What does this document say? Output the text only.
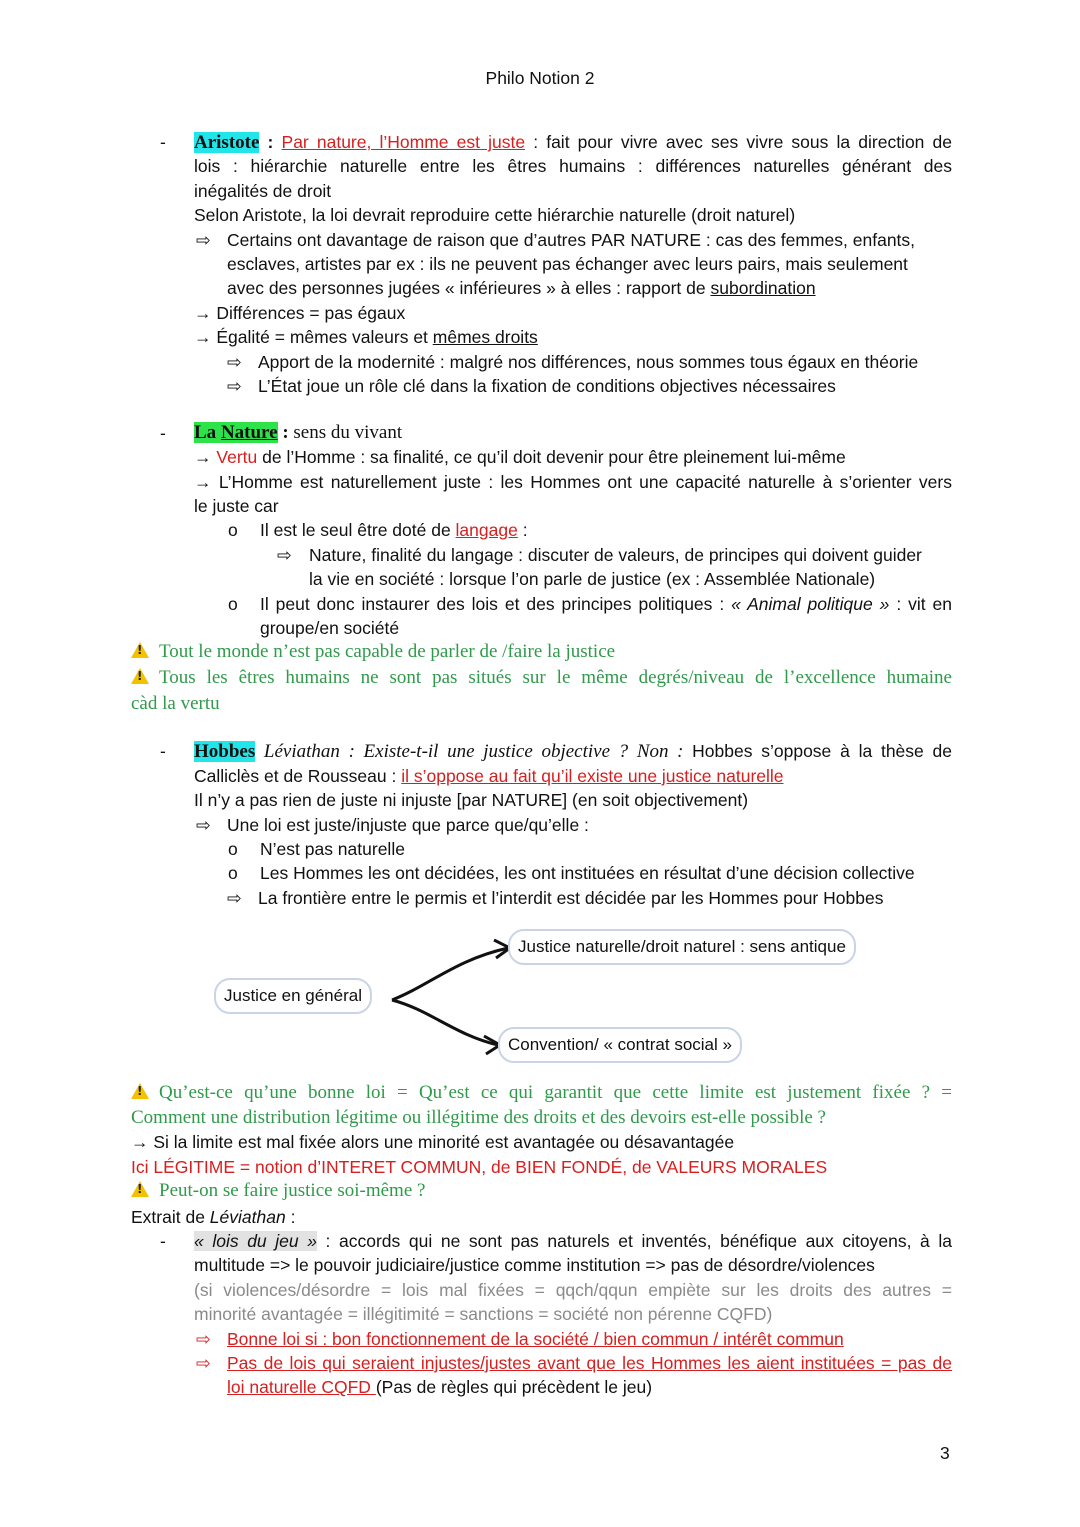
Philo Notion 2
- Aristote : Par nature, l’Homme est juste : fait pour vivre avec ses vivre sous la direction de
lois : hiérarchie naturelle entre les êtres humains : différences naturelles générant des
inégalités de droit
Selon Aristote, la loi devrait reproduire cette hiérarchie naturelle (droit naturel)
⇨ Certains ont davantage de raison que d’autres PAR NATURE : cas des femmes, enfants,
esclaves, artistes par ex : ils ne peuvent pas échanger avec leurs pairs, mais seulement
avec des personnes jugées « inférieures » à elles : rapport de subordination
→ Différences = pas égaux
→ Égalité = mêmes valeurs et mêmes droits
⇨ Apport de la modernité : malgré nos différences, nous sommes tous égaux en théorie
⇨ L’État joue un rôle clé dans la fixation de conditions objectives nécessaires
- La Nature : sens du vivant
→ Vertu de l’Homme : sa finalité, ce qu’il doit devenir pour être pleinement lui-même
→ L’Homme est naturellement juste : les Hommes ont une capacité naturelle à s’orienter vers
le juste car
o Il est le seul être doté de langage :
⇨ Nature, finalité du langage : discuter de valeurs, de principes qui doivent guider
la vie en société : lorsque l’on parle de justice (ex : Assemblée Nationale)
o Il peut donc instaurer des lois et des principes politiques : « Animal politique » : vit en
groupe/en société
!Tout le monde n’est pas capable de parler de /faire la justice
!Tous les êtres humains ne sont pas situés sur le même degrés/niveau de l’excellence humaine
càd la vertu
- Hobbes Léviathan : Existe-t-il une justice objective ? Non : Hobbes s’oppose à la thèse de
Calliclès et de Rousseau : il s’oppose au fait qu’il existe une justice naturelle
Il n’y a pas rien de juste ni injuste [par NATURE] (en soit objectivement)
⇨ Une loi est juste/injuste que parce que/qu’elle :
o N’est pas naturelle
o Les Hommes les ont décidées, les ont instituées en résultat d’une décision collective
⇨ La frontière entre le permis et l’interdit est décidée par les Hommes pour Hobbes
Justice naturelle/droit naturel : sens antique
Justice en général
Convention/ « contrat social »
!Qu’est-ce qu’une bonne loi = Qu’est ce qui garantit que cette limite est justement fixée ? =
Comment une distribution légitime ou illégitime des droits et des devoirs est-elle possible ?
→ Si la limite est mal fixée alors une minorité est avantagée ou désavantagée
Ici LÉGITIME = notion d’INTERET COMMUN, de BIEN FONDÉ, de VALEURS MORALES
!Peut-on se faire justice soi-même ?
Extrait de Léviathan :
- « lois du jeu » : accords qui ne sont pas naturels et inventés, bénéfique aux citoyens, à la
multitude => le pouvoir judiciaire/justice comme institution => pas de désordre/violences
(si violences/désordre = lois mal fixées = qqch/qqun empiète sur les droits des autres =
minorité avantagée = illégitimité = sanctions = société non pérenne CQFD)
⇨ Bonne loi si : bon fonctionnement de la société / bien commun / intérêt commun
⇨ Pas de lois qui seraient injustes/justes avant que les Hommes les aient instituées = pas de
loi naturelle CQFD (Pas de règles qui précèdent le jeu)
3
